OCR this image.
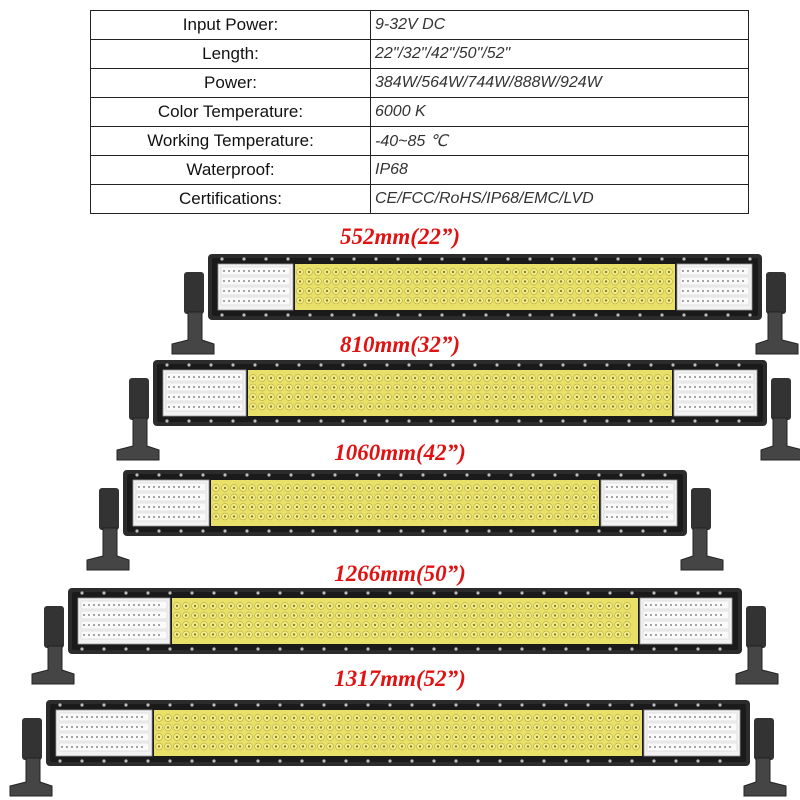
Input Power:	9-32V DC
Length:	22"/32"/42"/50"/52"
Power:	384W/564W/744W/888W/924W
Color Temperature:	6000 K
Working Temperature:	-40~85 ℃
Waterproof:	IP68
Certifications:	CE/FCC/RoHS/IP68/EMC/LVD
552mm(22”)
810mm(32”)
1060mm(42”)
1266mm(50”)
1317mm(52”)
